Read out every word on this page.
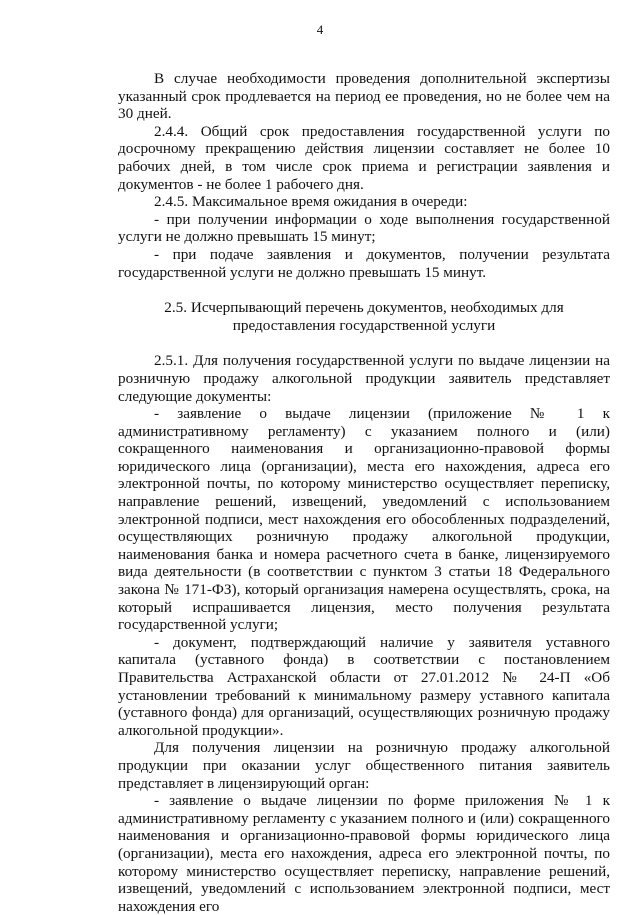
4

В случае необходимости проведения дополнительной экспертизы указанный срок продлевается на период ее проведения, но не более чем на 30 дней.

2.4.4. Общий срок предоставления государственной услуги по досрочному прекращению действия лицензии составляет не более 10 рабочих дней, в том числе срок приема и регистрации заявления и документов - не более 1 рабочего дня.

2.4.5. Максимальное время ожидания в очереди:

- при получении информации о ходе выполнения государственной услуги не должно превышать 15 минут;

- при подаче заявления и документов, получении результата государственной услуги не должно превышать 15 минут.

2.5. Исчерпывающий перечень документов, необходимых для предоставления государственной услуги

2.5.1. Для получения государственной услуги по выдаче лицензии на розничную продажу алкогольной продукции заявитель представляет следующие документы:

- заявление о выдаче лицензии (приложение № 1 к административному регламенту) с указанием полного и (или) сокращенного наименования и организационно-правовой формы юридического лица (организации), места его нахождения, адреса его электронной почты, по которому министерство осуществляет переписку, направление решений, извещений, уведомлений с использованием электронной подписи, мест нахождения его обособленных подразделений, осуществляющих розничную продажу алкогольной продукции, наименования банка и номера расчетного счета в банке, лицензируемого вида деятельности (в соответствии с пунктом 3 статьи 18 Федерального закона № 171-ФЗ), который организация намерена осуществлять, срока, на который испрашивается лицензия, место получения результата государственной услуги;

- документ, подтверждающий наличие у заявителя уставного капитала (уставного фонда) в соответствии с постановлением Правительства Астраханской области от 27.01.2012 № 24-П «Об установлении требований к минимальному размеру уставного капитала (уставного фонда) для организаций, осуществляющих розничную продажу алкогольной продукции».

Для получения лицензии на розничную продажу алкогольной продукции при оказании услуг общественного питания заявитель представляет в лицензирующий орган:

- заявление о выдаче лицензии по форме приложения № 1 к административному регламенту с указанием полного и (или) сокращенного наименования и организационно-правовой формы юридического лица (организации), места его нахождения, адреса его электронной почты, по которому министерство осуществляет переписку, направление решений, извещений, уведомлений с использованием электронной подписи, мест нахождения его
